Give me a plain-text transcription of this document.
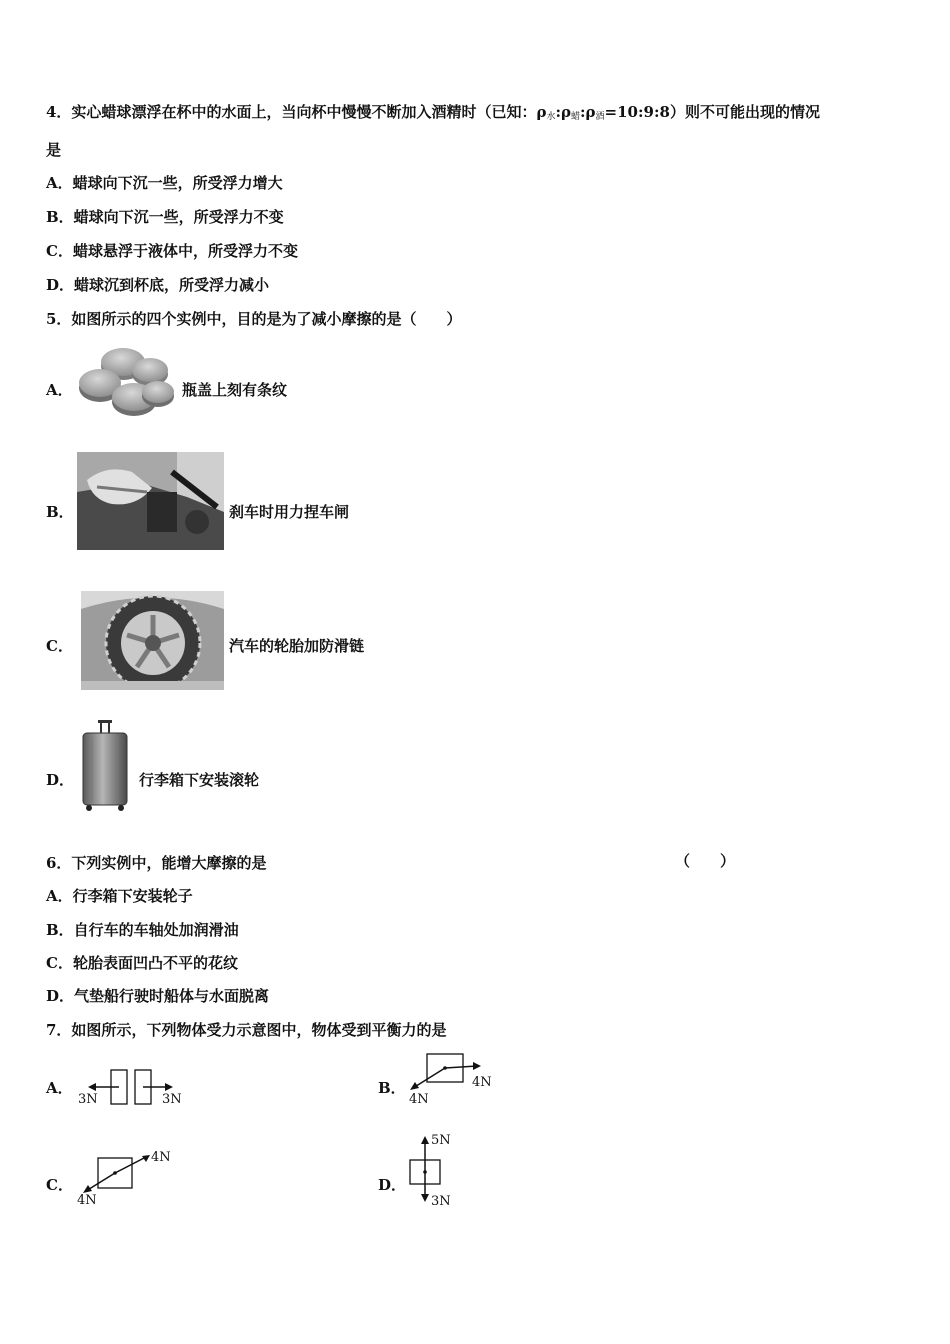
4．实心蜡球漂浮在杯中的水面上，当向杯中慢慢不断加入酒精时（已知：$\rho_水:\rho_蜡:\rho_酒=10:9:8$）则不可能出现的情况
是
A．蜡球向下沉一些，所受浮力增大
B．蜡球向下沉一些，所受浮力不变
C．蜡球悬浮于液体中，所受浮力不变
D．蜡球沉到杯底，所受浮力减小
5．如图所示的四个实例中，目的是为了减小摩擦的是（　　）
A．	瓶盖上刻有条纹
B．	刹车时用力捏车闸
C．	汽车的轮胎加防滑链
D．	行李箱下安装滚轮
6．下列实例中，能增大摩擦的是	（　　）
A．行李箱下安装轮子
B．自行车的车轴处加润滑油
C．轮胎表面凹凸不平的花纹
D．气垫船行驶时船体与水面脱离
7．如图所示，下列物体受力示意图中，物体受到平衡力的是
A．
3N	3N
B．	4N
4N
C．
4N
4N
D．
5N
3N
